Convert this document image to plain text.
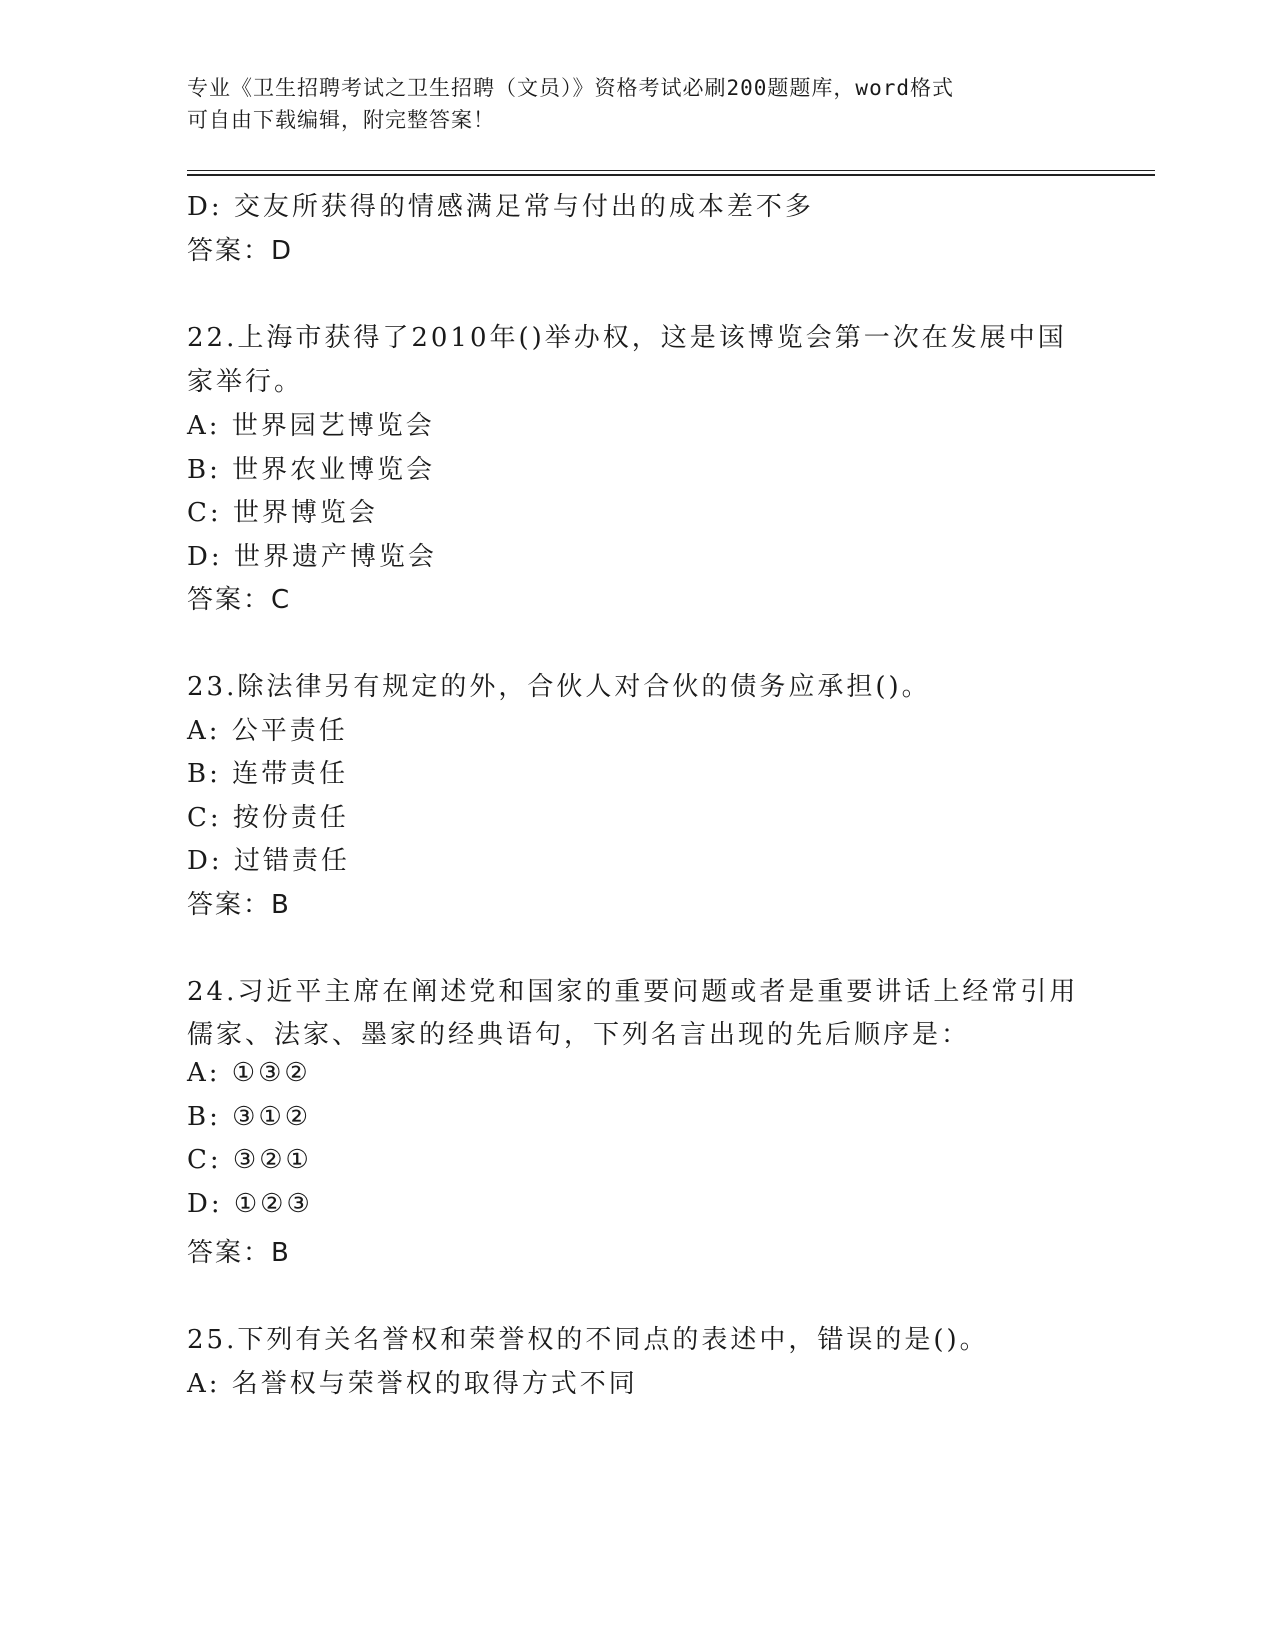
专业《卫生招聘考试之卫生招聘（文员）》资格考试必刷200题题库，word格式
可自由下载编辑，附完整答案！
D: 交友所获得的情感满足常与付出的成本差不多
答案：D
22.上海市获得了2010年()举办权，这是该博览会第一次在发展中国
家举行。
A: 世界园艺博览会
B: 世界农业博览会
C: 世界博览会
D: 世界遗产博览会
答案：C
23.除法律另有规定的外，合伙人对合伙的债务应承担()。
A: 公平责任
B: 连带责任
C: 按份责任
D: 过错责任
答案：B
24.习近平主席在阐述党和国家的重要问题或者是重要讲话上经常引用
儒家、法家、墨家的经典语句，下列名言出现的先后顺序是：
A: ①③②
B: ③①②
C: ③②①
D: ①②③
答案：B
25.下列有关名誉权和荣誉权的不同点的表述中，错误的是()。
A: 名誉权与荣誉权的取得方式不同
